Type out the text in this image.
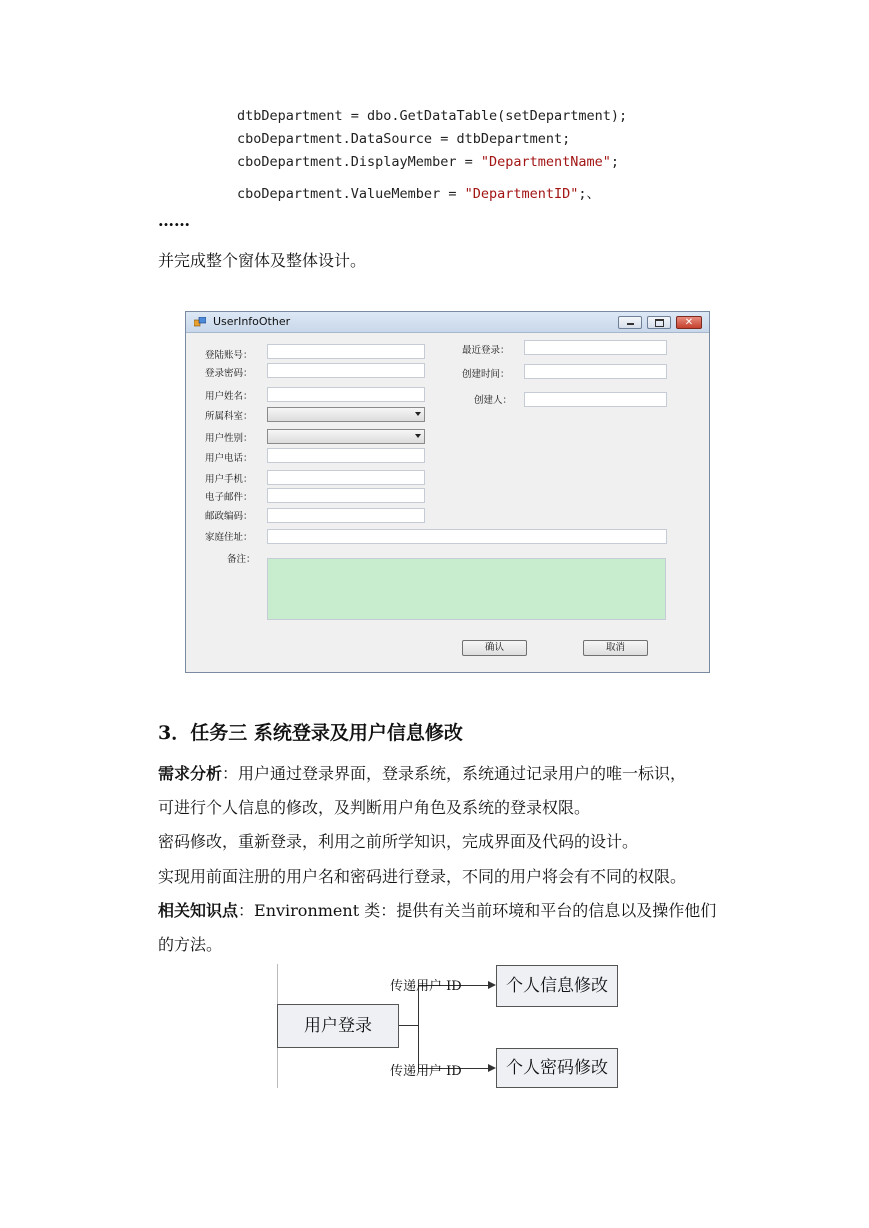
dtbDepartment = dbo.GetDataTable(setDepartment);
cboDepartment.DataSource = dtbDepartment;
cboDepartment.DisplayMember = "DepartmentName";
cboDepartment.ValueMember = "DepartmentID";、
……
并完成整个窗体及整体设计。
UserInfoOther	✕
登陆账号：
登录密码：
用户姓名：
所属科室：
用户性别：
用户电话：
用户手机：
电子邮件：
邮政编码：
家庭住址：
备注：
最近登录：
创建时间：
创建人：
确认	取消
3．任务三 系统登录及用户信息修改
需求分析：用户通过登录界面，登录系统，系统通过记录用户的唯一标识，
可进行个人信息的修改，及判断用户角色及系统的登录权限。
密码修改，重新登录，利用之前所学知识，完成界面及代码的设计。
实现用前面注册的用户名和密码进行登录，不同的用户将会有不同的权限。
相关知识点：Environment 类：提供有关当前环境和平台的信息以及操作他们
的方法。
用户登录
个人信息修改
个人密码修改
传递用户 ID
传递用户 ID
